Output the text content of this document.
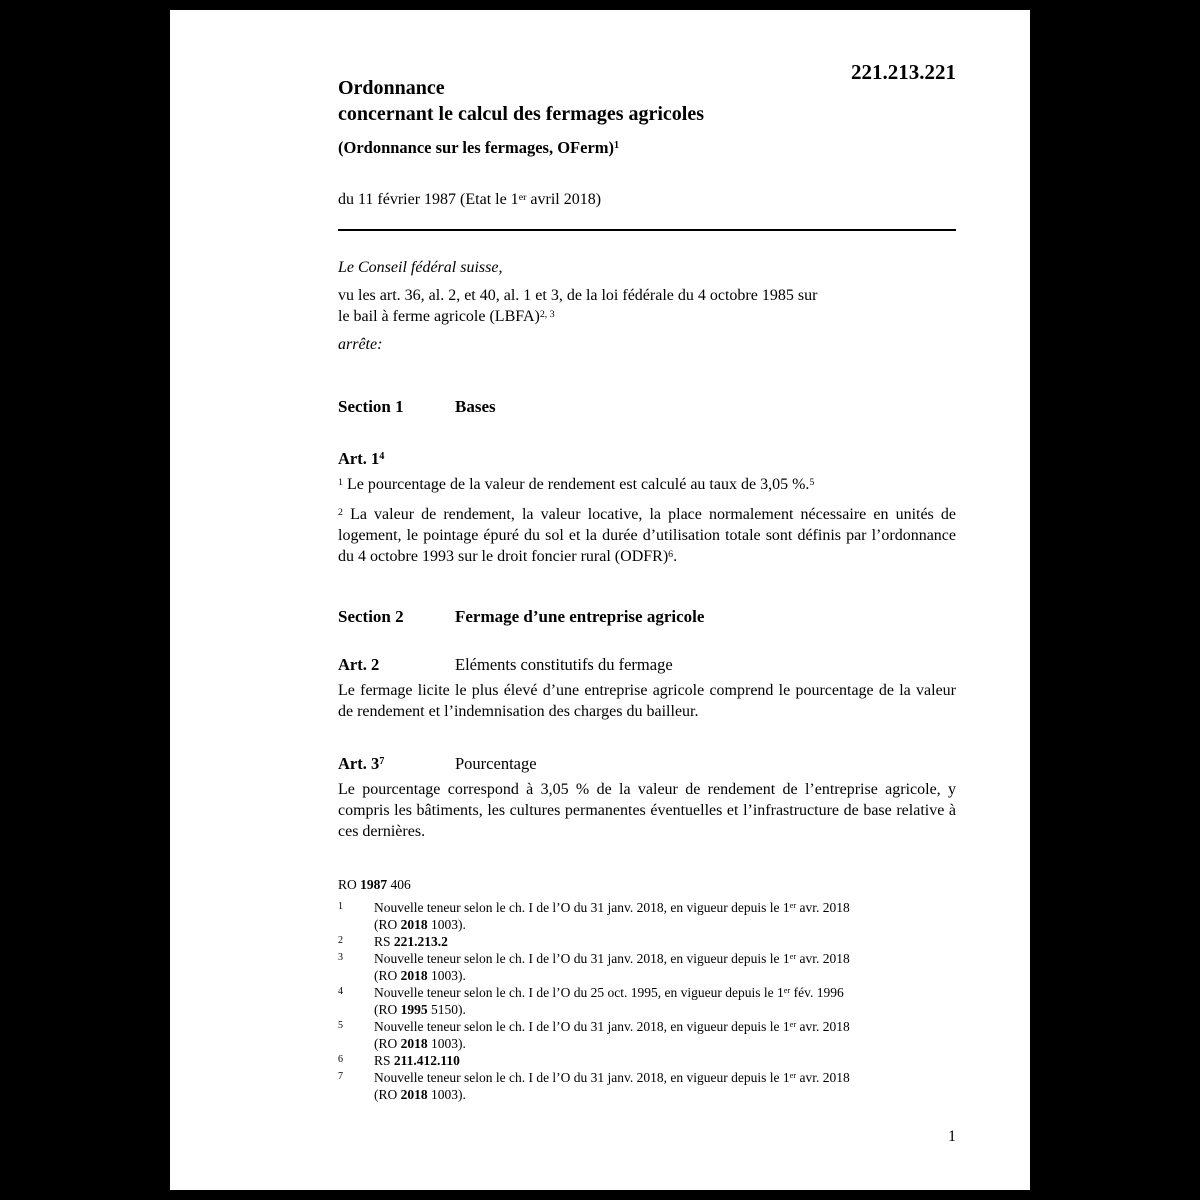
221.213.221
Ordonnance
concernant le calcul des fermages agricoles
(Ordonnance sur les fermages, OFerm)$^1$
du 11 février 1987 (Etat le 1er avril 2018)
Le Conseil fédéral suisse,
vu les art. 36, al. 2, et 40, al. 1 et 3, de la loi fédérale du 4 octobre 1985 sur
le bail à ferme agricole (LBFA)$^{2, 3}$
arrête:
Section 1	Bases
Art. $1^4$
$^1$ Le pourcentage de la valeur de rendement est calculé au taux de 3,05 %.$^5$
$^2$ La valeur de rendement, la valeur locative, la place normalement nécessaire en unités de logement, le pointage épuré du sol et la durée d’utilisation totale sont définis par l’ordonnance du 4 octobre 1993 sur le droit foncier rural (ODFR)$^6$.
Section 2	Fermage d’une entreprise agricole
Art. 2	Eléments constitutifs du fermage
Le fermage licite le plus élevé d’une entreprise agricole comprend le pourcentage de la valeur de rendement et l’indemnisation des charges du bailleur.
Art. $3^7$	Pourcentage
Le pourcentage correspond à 3,05 % de la valeur de rendement de l’entreprise agricole, y compris les bâtiments, les cultures permanentes éventuelles et l’infrastructure de base relative à ces dernières.
RO 1987 406
1	Nouvelle teneur selon le ch. I de l’O du 31 janv. 2018, en vigueur depuis le 1er avr. 2018
(RO 2018 1003).
2	RS 221.213.2
3	Nouvelle teneur selon le ch. I de l’O du 31 janv. 2018, en vigueur depuis le 1er avr. 2018
(RO 2018 1003).
4	Nouvelle teneur selon le ch. I de l’O du 25 oct. 1995, en vigueur depuis le 1er fév. 1996
(RO 1995 5150).
5	Nouvelle teneur selon le ch. I de l’O du 31 janv. 2018, en vigueur depuis le 1er avr. 2018
(RO 2018 1003).
6	RS 211.412.110
7	Nouvelle teneur selon le ch. I de l’O du 31 janv. 2018, en vigueur depuis le 1er avr. 2018
(RO 2018 1003).
1
